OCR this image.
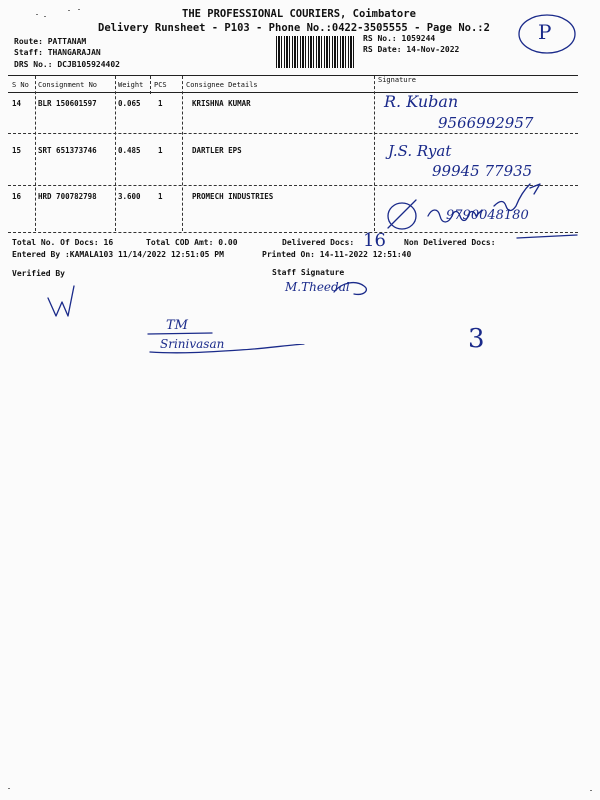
THE PROFESSIONAL COURIERS, Coimbatore
Delivery Runsheet - P103 - Phone No.:0422-3505555 - Page No.:2
Route: PATTANAM
Staff: THANGARAJAN
DRS No.: DCJB105924402
RS No.: 1059244
RS Date: 14-Nov-2022
P
S No Consignment No	Weight PCS	Consignee Details
Signature
14 BLR 150601597	0.065 1	KRISHNA KUMAR	R. Kuban
9566992957
15 SRT 651373746	0.485 1	DARTLER EPS	J.S. Ryat
99945 77935
16 HRD 700782798	3.600 1	PROMECH INDUSTRIES
9790048180
Total No. Of Docs: 16	Total COD Amt: 0.00	Delivered Docs: 16 Non Delivered Docs:
Entered By :KAMALA103 11/14/2022 12:51:05 PM	Printed On: 14-11-2022 12:51:40
Verified By	Staff Signature
M.Theedal
TM
Srinivasan	3
